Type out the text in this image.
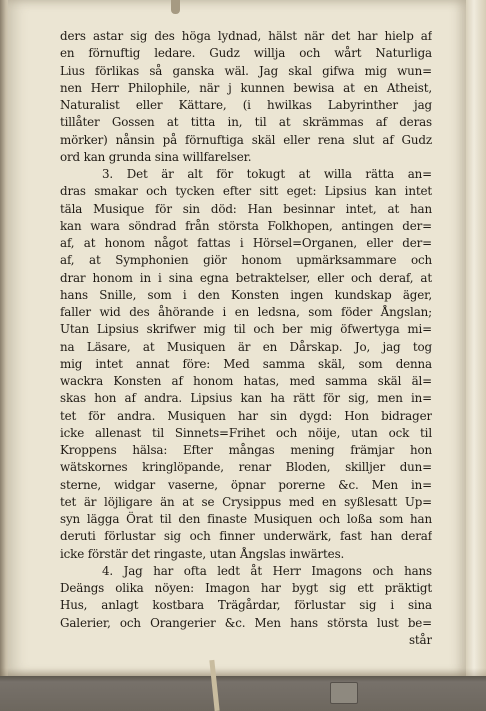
ders astar sig des höga lydnad, hälst när det har hielp af
en förnuftig ledare. Gudz willja och wårt Naturliga
Lius förlikas så ganska wäl. Jag skal gifwa mig wun=
nen Herr Philophile, när j kunnen bewisa at en Atheist,
Naturalist eller Kättare, (i hwilkas Labyrinther jag
tillåter Gossen at titta in, til at skrämmas af deras
mörker) nånsin på förnuftiga skäl eller rena slut af Gudz
ord kan grunda sina willfarelser.
3. Det är alt för tokugt at willa rätta an=
dras smakar och tycken efter sitt eget: Lipsius kan intet
täla Musique för sin död: Han besinnar intet, at han
kan wara söndrad från största Folkhopen, antingen der=
af, at honom något fattas i Hörsel=Organen, eller der=
af, at Symphonien giör honom upmärksammare och
drar honom in i sina egna betraktelser, eller och deraf, at
hans Snille, som i den Konsten ingen kundskap äger,
faller wid des åhörande i en ledsna, som föder Ångslan;
Utan Lipsius skrifwer mig til och ber mig öfwertyga mi=
na Läsare, at Musiquen är en Dårskap. Jo, jag tog
mig intet annat före: Med samma skäl, som denna
wackra Konsten af honom hatas, med samma skäl äl=
skas hon af andra. Lipsius kan ha rätt för sig, men in=
tet för andra. Musiquen har sin dygd: Hon bidrager
icke allenast til Sinnets=Frihet och nöije, utan ock til
Kroppens hälsa: Efter mångas mening främjar hon
wätskornes kringlöpande, renar Bloden, skilljer dun=
sterne, widgar vaserne, öpnar porerne &c. Men in=
tet är löjligare än at se Crysippus med en syßlesatt Up=
syn lägga Örat til den finaste Musiquen och loßa som han
deruti förlustar sig och finner underwärk, fast han deraf
icke förstär det ringaste, utan Ångslas inwärtes.
4. Jag har ofta ledt åt Herr Imagons och hans
Deängs olika nöyen: Imagon har bygt sig ett präktigt
Hus, anlagt kostbara Trägårdar, förlustar sig i sina
Galerier, och Orangerier &c. Men hans största lust be=
står
